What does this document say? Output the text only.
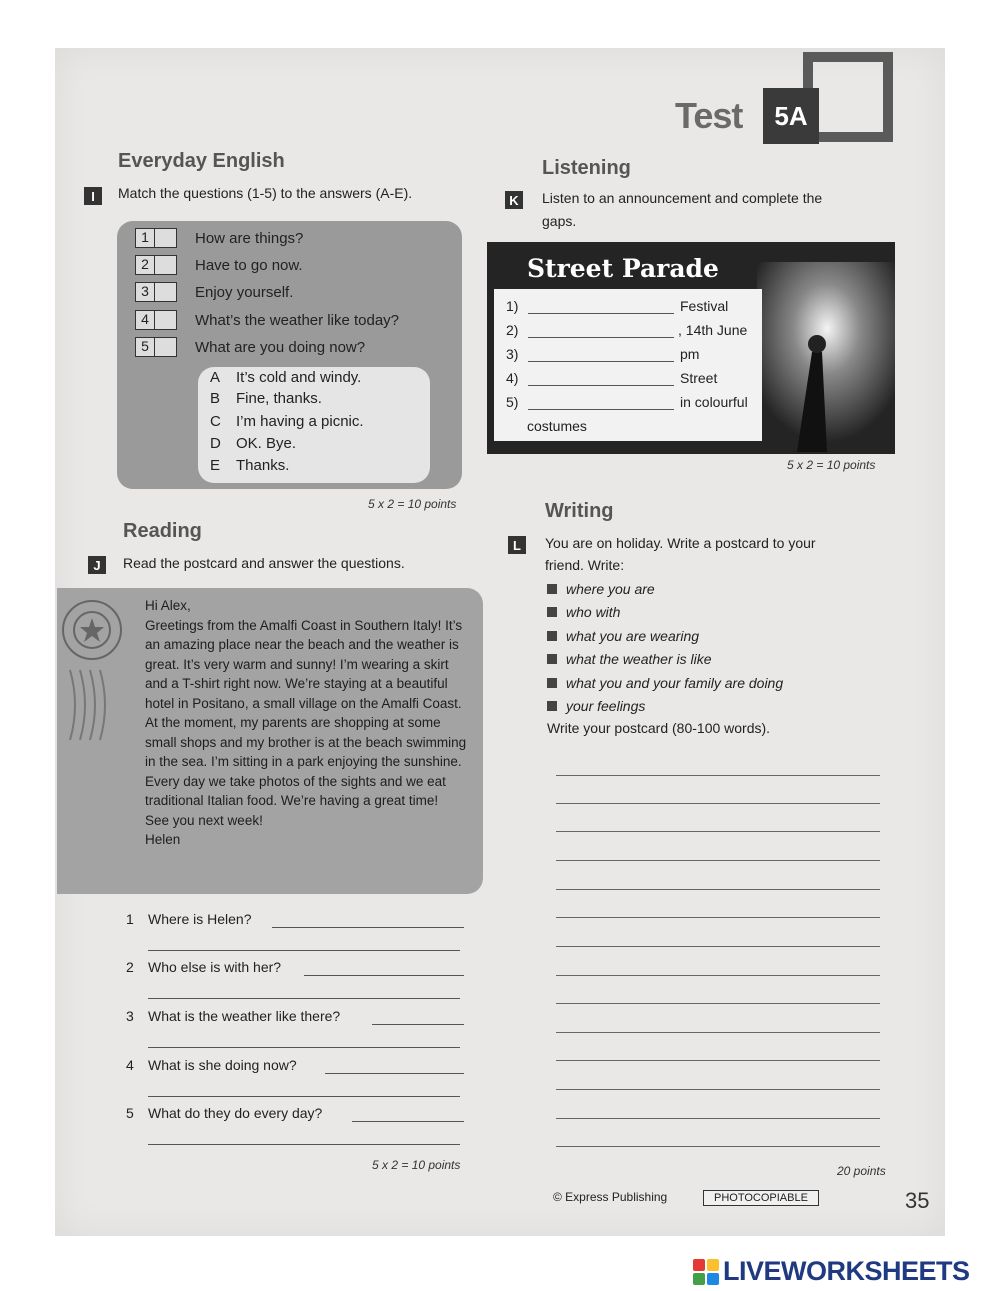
Test	5A
Everyday English
I	Match the questions (1-5) to the answers (A-E).
1	How are things?
2	Have to go now.
3	Enjoy yourself.
4	What’s the weather like today?
5	What are you doing now?
A It’s cold and windy.
B Fine, thanks.
C I’m having a picnic.
D OK. Bye.
E Thanks.
5 x 2 = 10 points
Reading
J	Read the postcard and answer the questions.

Hi Alex,

Greetings from the Amalfi Coast in Southern Italy! It’s

an amazing place near the beach and the weather is

great. It’s very warm and sunny! I’m wearing a skirt

and a T-shirt right now. We’re staying at a beautiful

hotel in Positano, a small village on the Amalfi Coast.

At the moment, my parents are shopping at some

small shops and my brother is at the beach swimming

in the sea. I’m sitting in a park enjoying the sunshine.

Every day we take photos of the sights and we eat

traditional Italian food. We’re having a great time!

See you next week!

Helen

1 Where is Helen?
2 Who else is with her?
3 What is the weather like there?
4 What is she doing now?
5 What do they do every day?
5 x 2 = 10 points
Listening
K	Listen to an announcement and complete the
gaps.
Street Parade
1)	Festival
2)	, 14th June
3)	pm
4)	Street
5)	in colourful
costumes
5 x 2 = 10 points
Writing
L	You are on holiday. Write a postcard to your
friend. Write:
where you are
who with
what you are wearing
what the weather is like
what you and your family are doing
your feelings
Write your postcard (80-100 words).
20 points
© Express Publishing	PHOTOCOPIABLE	35
LIVEWORKSHEETS
